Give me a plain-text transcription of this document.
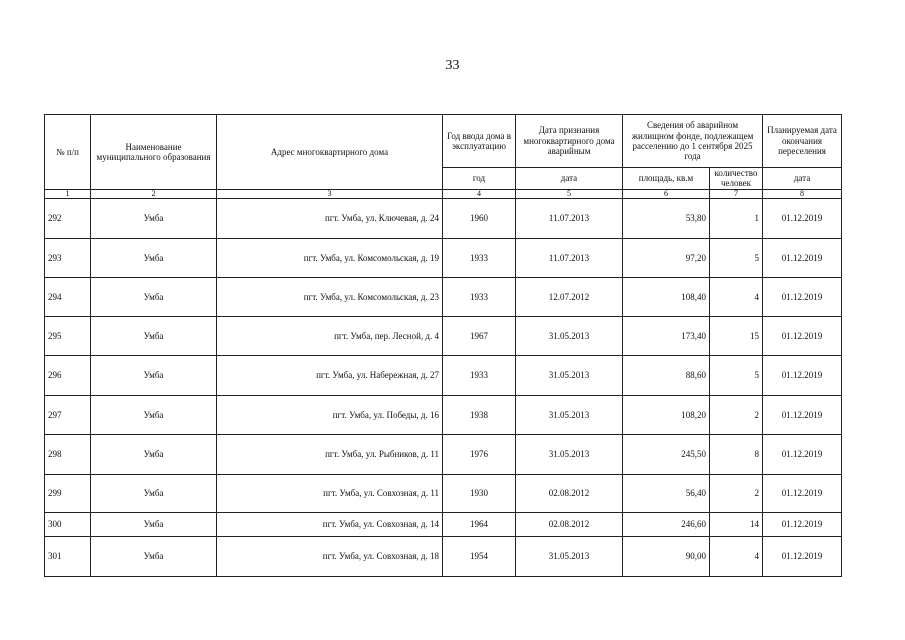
33
№ п/п	Наименование муниципального образования	Адрес многоквартирного дома	Год ввода дома в эксплуатацию	Дата признания многоквартирного дома аварийным	Сведения об аварийном жилищном фонде, подлежащем расселению до 1 сентября 2025 года		Планируемая дата окончания переселения
			год	дата	площадь, кв.м	количество человек	дата
1	2	3	4	5	6	7	8
292	Умба	пгт. Умба, ул. Ключевая, д. 24	1960	11.07.2013	53,80	1	01.12.2019
293	Умба	пгт. Умба, ул. Комсомольская, д. 19	1933	11.07.2013	97,20	5	01.12.2019
294	Умба	пгт. Умба, ул. Комсомольская, д. 23	1933	12.07.2012	108,40	4	01.12.2019
295	Умба	пгт. Умба, пер. Лесной, д. 4	1967	31.05.2013	173,40	15	01.12.2019
296	Умба	пгт. Умба, ул. Набережная, д. 27	1933	31.05.2013	88,60	5	01.12.2019
297	Умба	пгт. Умба, ул. Победы, д. 16	1938	31.05.2013	108,20	2	01.12.2019
298	Умба	пгт. Умба, ул. Рыбников, д. 11	1976	31.05.2013	245,50	8	01.12.2019
299	Умба	пгт. Умба, ул. Совхозная, д. 11	1930	02.08.2012	56,40	2	01.12.2019
300	Умба	пгт. Умба, ул. Совхозная, д. 14	1964	02.08.2012	246,60	14	01.12.2019
301	Умба	пгт. Умба, ул. Совхозная, д. 18	1954	31.05.2013	90,00	4	01.12.2019
